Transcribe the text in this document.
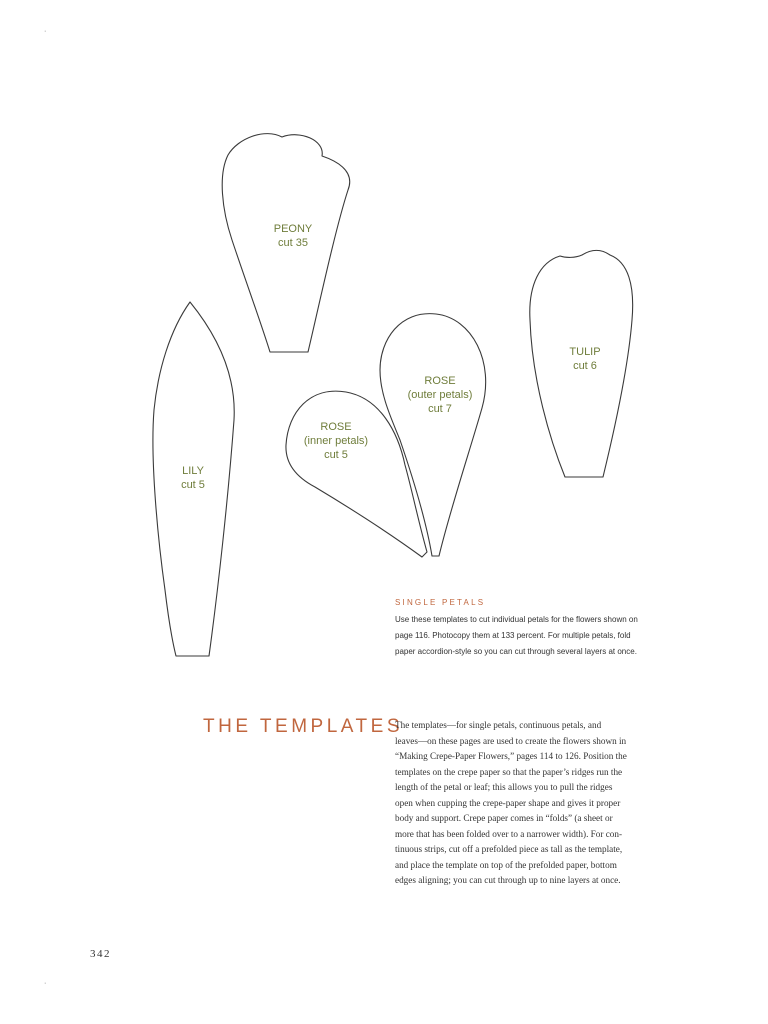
·
·
PEONY
cut 35
TULIP
cut 6
ROSE
(outer petals)
cut 7
ROSE
(inner petals)
cut 5
LILY
cut 5
SINGLE PETALS
Use these templates to cut individual petals for the flowers shown on
page 116. Photocopy them at 133 percent. For multiple petals, fold
paper accordion-style so you can cut through several layers at once.
THE TEMPLATES
The templates—for single petals, continuous petals, and
leaves—on these pages are used to create the flowers shown in
“Making Crepe-Paper Flowers,” pages 114 to 126. Position the
templates on the crepe paper so that the paper’s ridges run the
length of the petal or leaf; this allows you to pull the ridges
open when cupping the crepe-paper shape and gives it proper
body and support. Crepe paper comes in “folds” (a sheet or
more that has been folded over to a narrower width). For con-
tinuous strips, cut off a prefolded piece as tall as the template,
and place the template on top of the prefolded paper, bottom
edges aligning; you can cut through up to nine layers at once.
342
